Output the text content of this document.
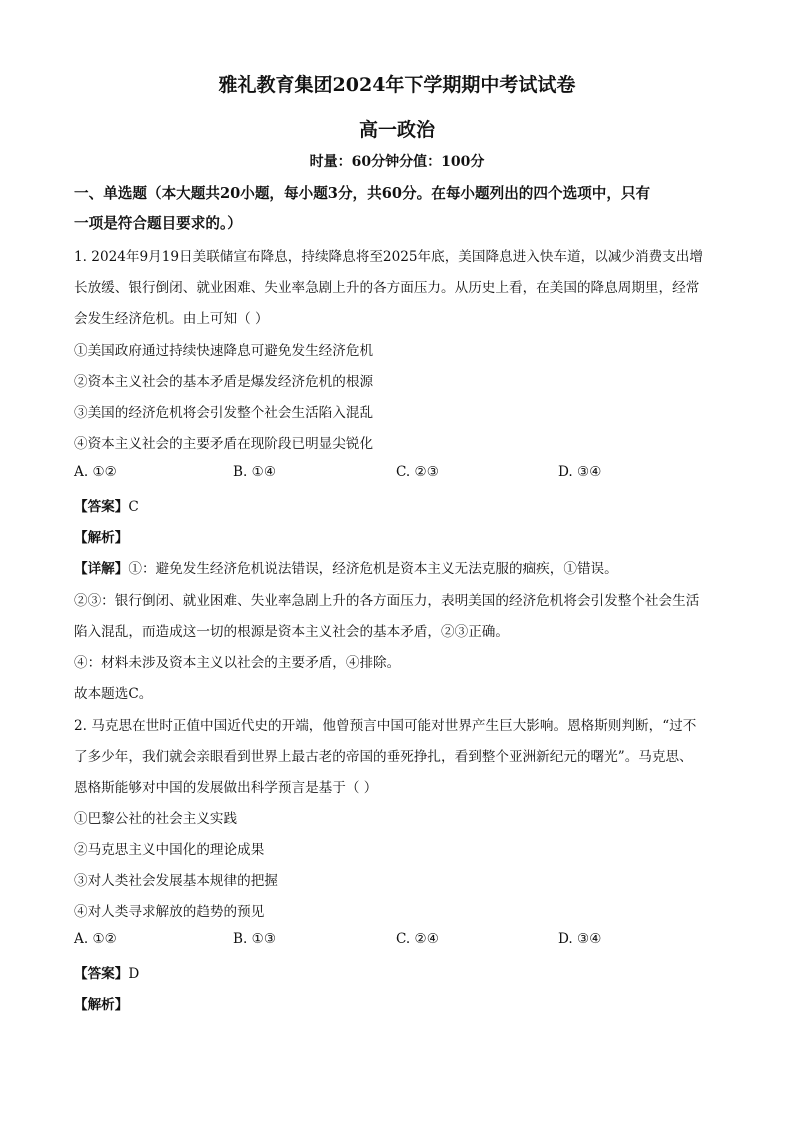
雅礼教育集团2024年下学期期中考试试卷
高一政治
时量：60分钟分值：100分
一、单选题（本大题共20小题，每小题3分，共60分。在每小题列出的四个选项中，只有
一项是符合题目要求的。）
1. 2024年9月19日美联储宣布降息，持续降息将至2025年底，美国降息进入快车道，以减少消费支出增
长放缓、银行倒闭、就业困难、失业率急剧上升的各方面压力。从历史上看，在美国的降息周期里，经常
会发生经济危机。由上可知（ ）
①美国政府通过持续快速降息可避免发生经济危机
②资本主义社会的基本矛盾是爆发经济危机的根源
③美国的经济危机将会引发整个社会生活陷入混乱
④资本主义社会的主要矛盾在现阶段已明显尖锐化
A. ①②	B. ①④	C. ②③	D. ③④
【答案】C
【解析】
【详解】①：避免发生经济危机说法错误，经济危机是资本主义无法克服的痼疾，①错误。
②③：银行倒闭、就业困难、失业率急剧上升的各方面压力，表明美国的经济危机将会引发整个社会生活
陷入混乱，而造成这一切的根源是资本主义社会的基本矛盾，②③正确。
④：材料未涉及资本主义以社会的主要矛盾，④排除。
故本题选C。
2. 马克思在世时正值中国近代史的开端，他曾预言中国可能对世界产生巨大影响。恩格斯则判断，“过不
了多少年，我们就会亲眼看到世界上最古老的帝国的垂死挣扎，看到整个亚洲新纪元的曙光”。马克思、
恩格斯能够对中国的发展做出科学预言是基于（ ）
①巴黎公社的社会主义实践
②马克思主义中国化的理论成果
③对人类社会发展基本规律的把握
④对人类寻求解放的趋势的预见
A. ①②	B. ①③	C. ②④	D. ③④
【答案】D
【解析】
